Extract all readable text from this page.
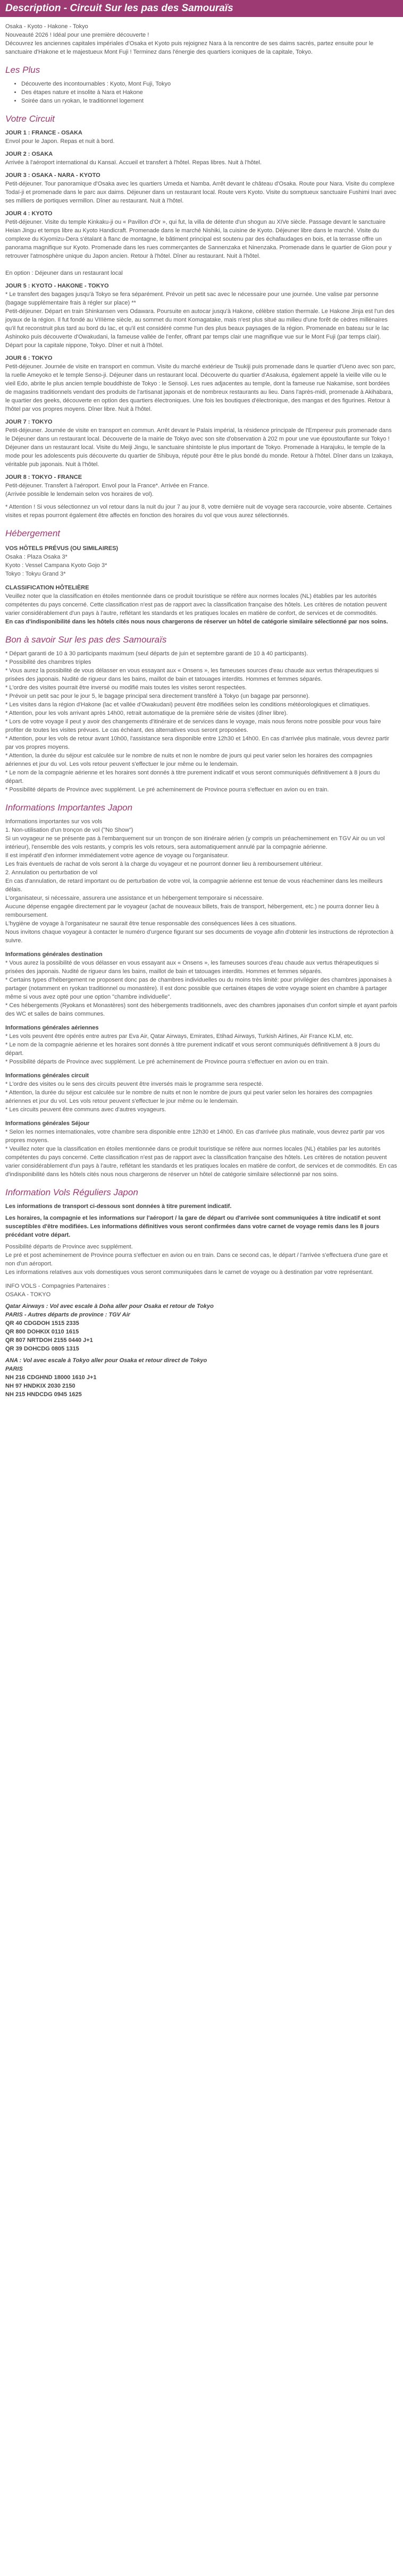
Description - Circuit Sur les pas des Samouraïs
Osaka - Kyoto - Hakone - Tokyo
Nouveauté 2026 ! Idéal pour une première découverte !
Découvrez les anciennes capitales impériales d'Osaka et Kyoto puis rejoignez Nara à la rencontre de ses daims sacrés, partez ensuite pour le sanctuaire d'Hakone et le majestueux Mont Fuji ! Terminez dans l'énergie des quartiers iconiques de la capitale, Tokyo.
Les Plus
• Découverte des incontournables : Kyoto, Mont Fuji, Tokyo
• Des étapes nature et insolite à Nara et Hakone
• Soirée dans un ryokan, le traditionnel logement
Votre Circuit
JOUR 1 : FRANCE - OSAKA
Envol pour le Japon. Repas et nuit à bord.
JOUR 2 : OSAKA
Arrivée à l'aéroport international du Kansaï. Accueil et transfert à l'hôtel. Repas libres. Nuit à l'hôtel.
JOUR 3 : OSAKA - NARA - KYOTO
Petit-déjeuner. Tour panoramique d'Osaka avec les quartiers Umeda et Namba. Arrêt devant le château d'Osaka. Route pour Nara. Visite du complexe Todaï-ji et promenade dans le parc aux daims. Déjeuner dans un restaurant local. Route vers Kyoto. Visite du somptueux sanctuaire Fushimi Inari avec ses milliers de portiques vermillon. Dîner au restaurant. Nuit à l'hôtel.
JOUR 4 : KYOTO
Petit-déjeuner. Visite du temple Kinkaku-ji ou « Pavillon d'Or », qui fut, la villa de détente d'un shogun au XIVe siècle. Passage devant le sanctuaire Heian Jingu et temps libre au Kyoto Handicraft. Promenade dans le marché Nishiki, la cuisine de Kyoto. Déjeuner libre dans le marché. Visite du complexe du Kiyomizu-Dera s'étalant à flanc de montagne, le bâtiment principal est soutenu par des échafaudages en bois, et la terrasse offre un panorama magnifique sur Kyoto. Promenade dans les rues commerçantes de Sannenzaka et Ninenzaka. Promenade dans le quartier de Gion pour y retrouver l'atmosphère unique du Japon ancien. Retour à l'hôtel. Dîner au restaurant. Nuit à l'hôtel.

En option : Déjeuner dans un restaurant local
JOUR 5 : KYOTO - HAKONE - TOKYO
* Le transfert des bagages jusqu'à Tokyo se fera séparément. Prévoir un petit sac avec le nécessaire pour une journée. Une valise par personne (bagage supplémentaire frais à régler sur place) **
Petit-déjeuner. Départ en train Shinkansen vers Odawara. Poursuite en autocar jusqu'à Hakone, célèbre station thermale. Le Hakone Jinja est l'un des joyaux de la région. Il fut fondé au VIIIème siècle, au sommet du mont Komagatake, mais n'est plus situé au milieu d'une forêt de cèdres millénaires qu'il fut reconstruit plus tard au bord du lac, et qu'il est considéré comme l'un des plus beaux paysages de la région. Promenade en bateau sur le lac Ashinoko puis découverte d'Owakudani, la fameuse vallée de l'enfer, offrant par temps clair une magnifique vue sur le Mont Fuji (par temps clair). Départ pour la capitale nippone, Tokyo. Dîner et nuit à l'hôtel.
JOUR 6 : TOKYO
Petit-déjeuner. Journée de visite en transport en commun. Visite du marché extérieur de Tsukiji puis promenade dans le quartier d'Ueno avec son parc, la ruelle Ameyoko et le temple Senso-ji. Déjeuner dans un restaurant local. Découverte du quartier d'Asakusa, également appelé la vieille ville ou le vieil Edo, abrite le plus ancien temple bouddhiste de Tokyo : le Sensoji. Les rues adjacentes au temple, dont la fameuse rue Nakamise, sont bordées de magasins traditionnels vendant des produits de l'artisanat japonais et de nombreux restaurants au lieu. Dans l'après-midi, promenade à Akihabara, le quartier des geeks, découverte en option des quartiers électroniques. Une fois les boutiques d'électronique, des mangas et des figurines. Retour à l'hôtel par vos propres moyens. Dîner libre. Nuit à l'hôtel.
JOUR 7 : TOKYO
Petit-déjeuner. Journée de visite en transport en commun. Arrêt devant le Palais impérial, la résidence principale de l'Empereur puis promenade dans le Déjeuner dans un restaurant local. Découverte de la mairie de Tokyo avec son site d'observation à 202 m pour une vue époustouflante sur Tokyo ! Déjeuner dans un restaurant local. Visite du Meiji Jingu, le sanctuaire shintoïste le plus important de Tokyo. Promenade à Harajuku, le temple de la mode pour les adolescents puis découverte du quartier de Shibuya, réputé pour être le plus bondé du monde. Retour à l'hôtel. Dîner dans un Izakaya, véritable pub japonais. Nuit à l'hôtel.
JOUR 8 : TOKYO - FRANCE
Petit-déjeuner. Transfert à l'aéroport. Envol pour la France*. Arrivée en France.
(Arrivée possible le lendemain selon vos horaires de vol).
* Attention ! Si vous sélectionnez un vol retour dans la nuit du jour 7 au jour 8, votre dernière nuit de voyage sera raccourcie, voire absente. Certaines visites et repas pourront également être affectés en fonction des horaires du vol que vous aurez sélectionnés.
Hébergement
VOS HÔTELS PRÉVUS (OU SIMILAIRES)
Osaka : Plaza Osaka 3*
Kyoto : Vessel Campana Kyoto Gojo 3*
Tokyo : Tokyu Grand 3*
CLASSIFICATION HÔTELIÈRE
Veuillez noter que la classification en étoiles mentionnée dans ce produit touristique se réfère aux normes locales (NL) établies par les autorités compétentes du pays concerné. Cette classification n'est pas de rapport avec la classification française des hôtels. Les critères de notation peuvent varier considérablement d'un pays à l'autre, reflétant les standards et les pratiques locales en matière de confort, de services et de commodités.
En cas d'indisponibilité dans les hôtels cités nous nous chargerons de réserver un hôtel de catégorie similaire sélectionné par nos soins.
Bon à savoir Sur les pas des Samouraïs
* Départ garanti de 10 à 30 participants maximum (seul départs de juin et septembre garanti de 10 à 40 participants).
* Possibilité des chambres triples
* Vous aurez la possibilité de vous délasser en vous essayant aux « Onsens », les fameuses sources d'eau chaude aux vertus thérapeutiques si prisées des japonais. Nudité de rigueur dans les bains, maillot de bain et tatouages interdits. Hommes et femmes séparés.
* L'ordre des visites pourrait être inversé ou modifié mais toutes les visites seront respectées.
* Prévoir un petit sac pour le jour 5, le bagage principal sera directement transféré à Tokyo (un bagage par personne).
* Les visites dans la région d'Hakone (lac et vallée d'Owakudani) peuvent être modifiées selon les conditions météorologiques et climatiques.
* Attention, pour les vols arrivant après 14h00, retrait automatique de la première série de visites (dîner libre).
* Lors de votre voyage il peut y avoir des changements d'itinéraire et de services dans le voyage, mais nous ferons notre possible pour vous faire profiter de toutes les visites prévues. Le cas échéant, des alternatives vous seront proposées.
* Attention, pour les vols de retour avant 10h00, l'assistance sera disponible entre 12h30 et 14h00. En cas d'arrivée plus matinale, vous devrez partir par vos propres moyens.
* Attention, la durée du séjour est calculée sur le nombre de nuits et non le nombre de jours qui peut varier selon les horaires des compagnies aériennes et jour du vol. Les vols retour peuvent s'effectuer le jour même ou le lendemain.
* Le nom de la compagnie aérienne et les horaires sont donnés à titre purement indicatif et vous seront communiqués définitivement à 8 jours du départ.
* Possibilité départs de Province avec supplément. Le pré acheminement de Province pourra s'effectuer en avion ou en train.
Informations Importantes Japon
Informations importantes sur vos vols
1. Non-utilisation d'un tronçon de vol ("No Show")
Si un voyageur ne se présente pas à l'embarquement sur un tronçon de son itinéraire aérien (y compris un préacheminement en TGV Air ou un vol intérieur), l'ensemble des vols restants, y compris les vols retours, sera automatiquement annulé par la compagnie aérienne.
Il est impératif d'en informer immédiatement votre agence de voyage ou l'organisateur.
Les frais éventuels de rachat de vols seront à la charge du voyageur et ne pourront donner lieu à remboursement ultérieur.
2. Annulation ou perturbation de vol
En cas d'annulation, de retard important ou de perturbation de votre vol, la compagnie aérienne est tenue de vous réacheminer dans les meilleurs délais.
L'organisateur, si nécessaire, assurera une assistance et un hébergement temporaire si nécessaire.
Aucune dépense engagée directement par le voyageur (achat de nouveaux billets, frais de transport, hébergement, etc.) ne pourra donner lieu à remboursement.
L'hygiène de voyage à l'organisateur ne saurait être tenue responsable des conséquences liées à ces situations.
Nous invitons chaque voyageur à contacter le numéro d'urgence figurant sur ses documents de voyage afin d'obtenir les instructions de réprotection à suivre.
Informations générales destination
* Vous aurez la possibilité de vous délasser en vous essayant aux « Onsens », les fameuses sources d'eau chaude aux vertus thérapeutiques si prisées des japonais. Nudité de rigueur dans les bains, maillot de bain et tatouages interdits. Hommes et femmes séparés.
* Certains types d'hébergement ne proposent donc pas de chambres individuelles ou du moins très limité: pour privilégier des chambres japonaises à partager (notamment en ryokan traditionnel ou monastère). Il est donc possible que certaines étapes de votre voyage soient en chambre à partager même si vous avez opté pour une option "chambre individuelle".
* Ces hébergements (Ryokans et Monastères) sont des hébergements traditionnels, avec des chambres japonaises d'un confort simple et ayant parfois des WC et salles de bains communes.
Informations générales aériennes
* Les vols peuvent être opérés entre autres par Eva Air, Qatar Airways, Emirates, Etihad Airways, Turkish Airlines, Air France KLM, etc.
* Le nom de la compagnie aérienne et les horaires sont donnés à titre purement indicatif et vous seront communiqués définitivement à 8 jours du départ.
* Possibilité départs de Province avec supplément. Le pré acheminement de Province pourra s'effectuer en avion ou en train.
Informations générales circuit
* L'ordre des visites ou le sens des circuits peuvent être inversés mais le programme sera respecté.
* Attention, la durée du séjour est calculée sur le nombre de nuits et non le nombre de jours qui peut varier selon les horaires des compagnies aériennes et jour du vol. Les vols retour peuvent s'effectuer le jour même ou le lendemain.
* Les circuits peuvent être communs avec d'autres voyageurs.
Informations générales Séjour
* Selon les normes internationales, votre chambre sera disponible entre 12h30 et 14h00. En cas d'arrivée plus matinale, vous devrez partir par vos propres moyens.
* Veuillez noter que la classification en étoiles mentionnée dans ce produit touristique se réfère aux normes locales (NL) établies par les autorités compétentes du pays concerné. Cette classification n'est pas de rapport avec la classification française des hôtels. Les critères de notation peuvent varier considérablement d'un pays à l'autre, reflétant les standards et les pratiques locales en matière de confort, de services et de commodités. En cas d'indisponibilité dans les hôtels cités nous nous chargerons de réserver un hôtel de catégorie similaire sélectionné par nos soins.
Information Vols Réguliers Japon
Les informations de transport ci-dessous sont données à titre purement indicatif.
Les horaires, la compagnie et les informations sur l'aéroport / la gare de départ ou d'arrivée sont communiquées à titre indicatif et sont susceptibles d'être modifiées. Les informations définitives vous seront confirmées dans votre carnet de voyage remis dans les 8 jours précédant votre départ.
Possibilité départs de Province avec supplément.
Le pré et post acheminement de Province pourra s'effectuer en avion ou en train. Dans ce second cas, le départ / l'arrivée s'effectuera d'une gare et non d'un aéroport.
Les informations relatives aux vols domestiques vous seront communiquées dans le carnet de voyage ou à destination par votre représentant.
INFO VOLS - Compagnies Partenaires :
OSAKA - TOKYO
Qatar Airways : Vol avec escale à Doha aller pour Osaka et retour de Tokyo
PARIS - Autres départs de province : TGV Air
QR 40 CDGDOH 1515 2335
QR 800 DOHKIX 0110 1615
QR 807 NRTDOH 2155 0440 J+1
QR 39 DOHCDG 0805 1315
ANA : Vol avec escale à Tokyo aller pour Osaka et retour direct de Tokyo
PARIS
NH 216 CDGHND 18000 1610 J+1
NH 97 HNDKIX 2030 2150
NH 215 HNDCDG 0945 1625
